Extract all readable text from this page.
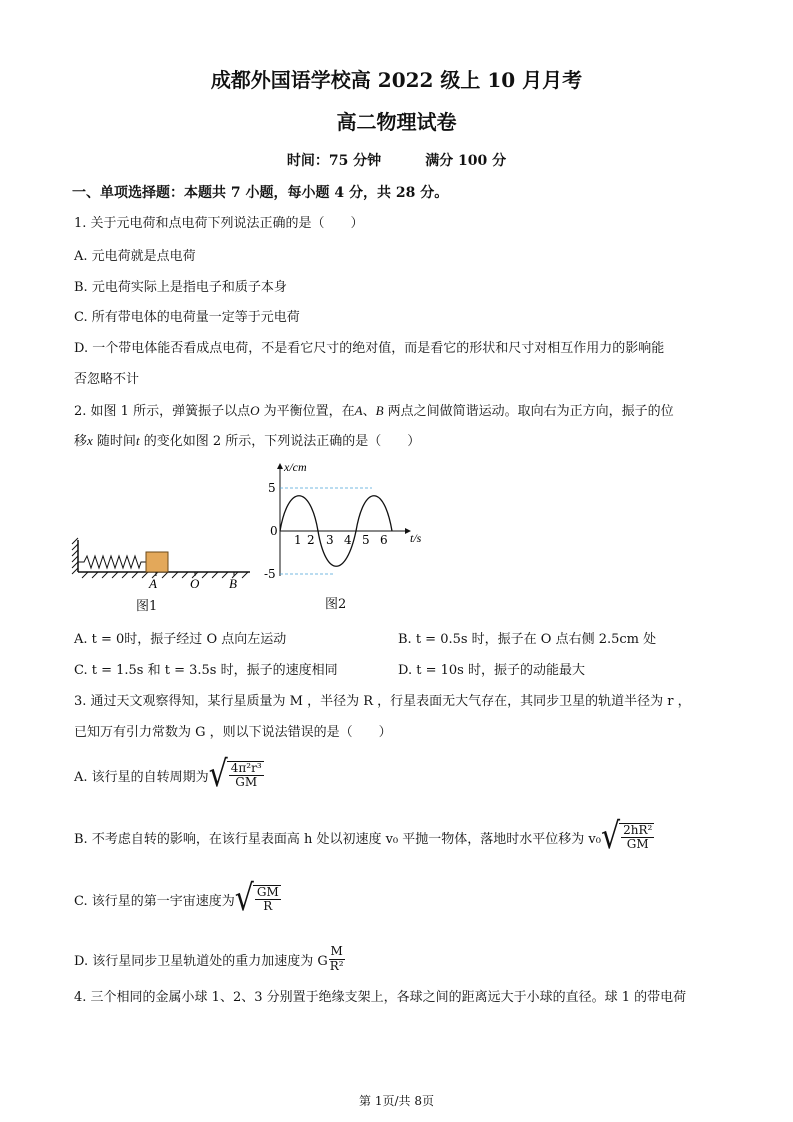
成都外国语学校高 2022 级上 10 月月考
高二物理试卷
时间：75 分钟	满分 100 分
一、单项选择题：本题共 7 小题，每小题 4 分，共 28 分。
1. 关于元电荷和点电荷下列说法正确的是（　　）
A. 元电荷就是点电荷
B. 元电荷实际上是指电子和质子本身
C. 所有带电体的电荷量一定等于元电荷
D. 一个带电体能否看成点电荷，不是看它尺寸的绝对值，而是看它的形状和尺寸对相互作用力的影响能
否忽略不计
2. 如图 1 所示，弹簧振子以点O 为平衡位置，在A、B 两点之间做简谐运动。取向右为正方向，振子的位
移x 随时间t 的变化如图 2 所示，下列说法正确的是（　　）
A	O B
图1
x/cm
t/s
5
0
-5
1 2 3 4 5 6
图2
A. t = 0时，振子经过 O 点向左运动	B. t = 0.5s 时，振子在 O 点右侧 2.5cm 处
C. t = 1.5s 和 t = 3.5s 时，振子的速度相同	D. t = 10s 时，振子的动能最大
3. 通过天文观察得知，某行星质量为 M ，半径为 R ，行星表面无大气存在，其同步卫星的轨道半径为 r ，
已知万有引力常数为 G ，则以下说法错误的是（　　）
A. 该行星的自转周期为 √ $\frac{\text{4π²r³}}{GM}$
B. 不考虑自转的影响，在该行星表面高 h 处以初速度 v₀ 平抛一物体，落地时水平位移为 v₀ √ $\frac{\text{2hR²}}{GM}$
C. 该行星的第一宇宙速度为 √ $\frac{GM}{R}$
D. 该行星同步卫星轨道处的重力加速度为 G $\frac{M}{\text{R²}}$
4. 三个相同的金属小球 1、2、3 分别置于绝缘支架上，各球之间的距离远大于小球的直径。球 1 的带电荷
第 1页/共 8页
